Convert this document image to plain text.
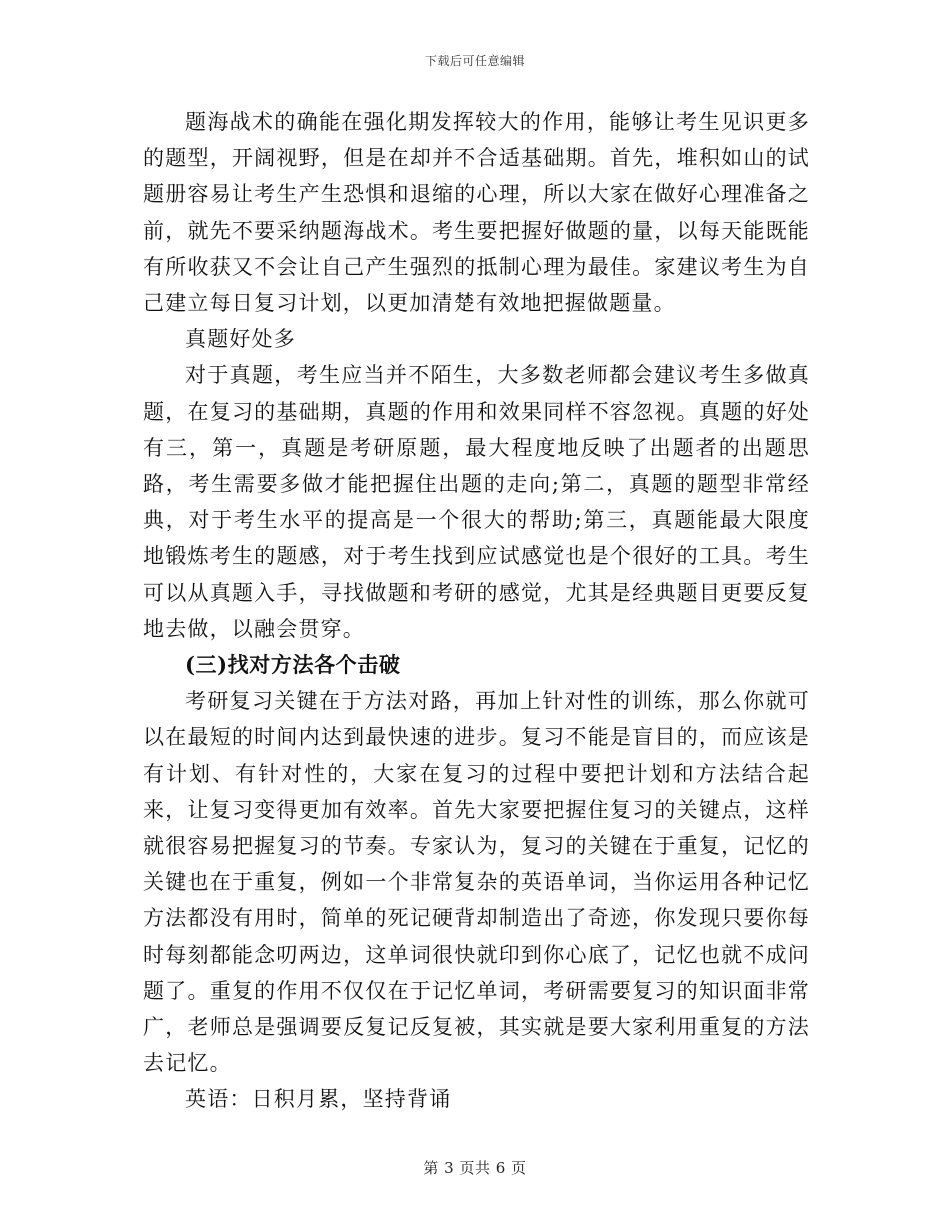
下载后可任意编辑

题海战术的确能在强化期发挥较大的作用，能够让考生见识更多的题型，开阔视野，但是在却并不合适基础期。首先，堆积如山的试题册容易让考生产生恐惧和退缩的心理，所以大家在做好心理准备之前，就先不要采纳题海战术。考生要把握好做题的量，以每天能既能有所收获又不会让自己产生强烈的抵制心理为最佳。家建议考生为自己建立每日复习计划，以更加清楚有效地把握做题量。

真题好处多

对于真题，考生应当并不陌生，大多数老师都会建议考生多做真题，在复习的基础期，真题的作用和效果同样不容忽视。真题的好处有三，第一，真题是考研原题，最大程度地反映了出题者的出题思路，考生需要多做才能把握住出题的走向;第二，真题的题型非常经典，对于考生水平的提高是一个很大的帮助;第三，真题能最大限度地锻炼考生的题感，对于考生找到应试感觉也是个很好的工具。考生可以从真题入手，寻找做题和考研的感觉，尤其是经典题目更要反复地去做，以融会贯穿。

(三)找对方法各个击破

考研复习关键在于方法对路，再加上针对性的训练，那么你就可以在最短的时间内达到最快速的进步。复习不能是盲目的，而应该是有计划、有针对性的，大家在复习的过程中要把计划和方法结合起来，让复习变得更加有效率。首先大家要把握住复习的关键点，这样就很容易把握复习的节奏。专家认为，复习的关键在于重复，记忆的关键也在于重复，例如一个非常复杂的英语单词，当你运用各种记忆方法都没有用时，简单的死记硬背却制造出了奇迹，你发现只要你每时每刻都能念叨两边，这单词很快就印到你心底了，记忆也就不成问题了。重复的作用不仅仅在于记忆单词，考研需要复习的知识面非常广，老师总是强调要反复记反复被，其实就是要大家利用重复的方法去记忆。

英语：日积月累，坚持背诵

第 3 页共 6 页
